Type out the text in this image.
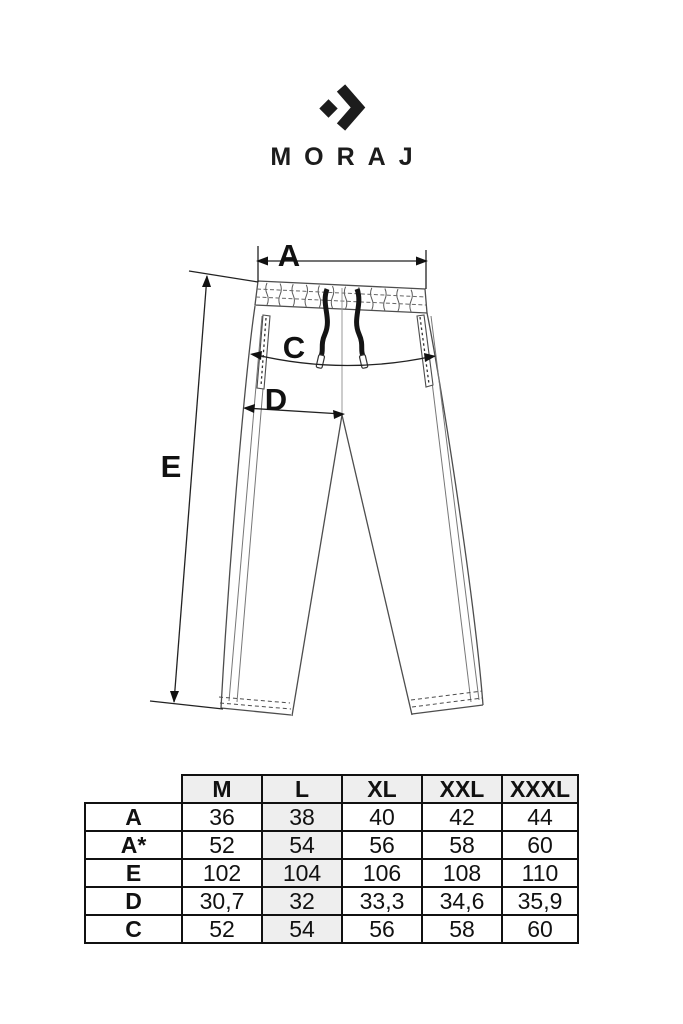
A
C
D
E
MORAJ
	M	L	XL	XXL	XXXL
A	36	38	40	42	44
A*	52	54	56	58	60
E	102	104	106	108	110
D	30,7	32	33,3	34,6	35,9
C	52	54	56	58	60
